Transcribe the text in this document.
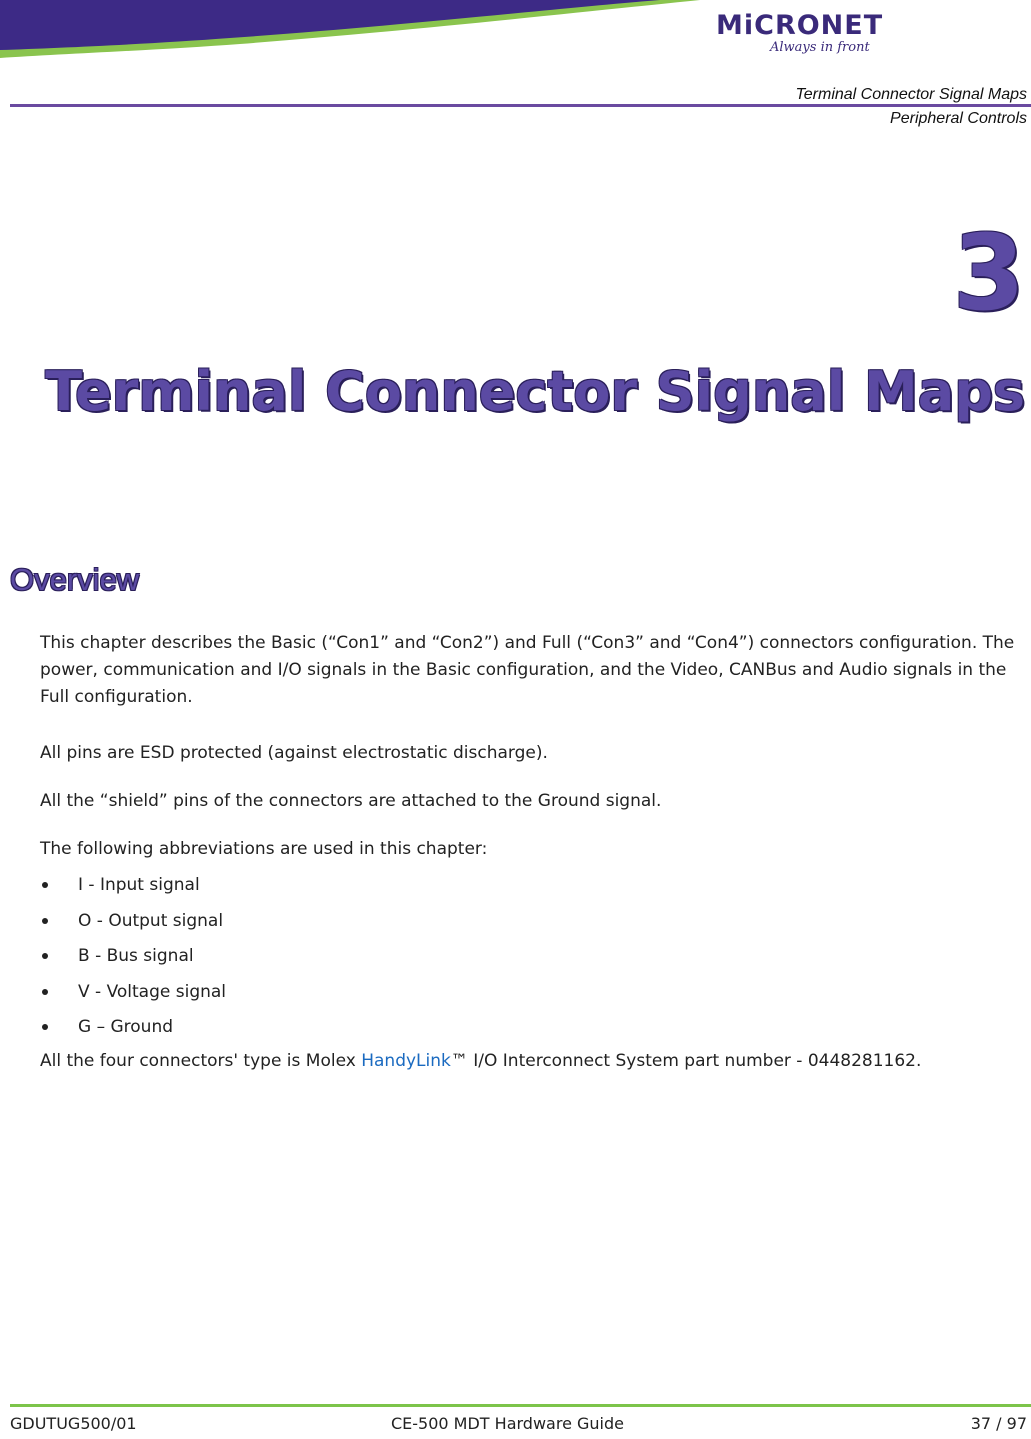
MiCRONET
Always in front
Terminal Connector Signal Maps
Peripheral Controls
3
Terminal Connector Signal Maps
Overview
This chapter describes the Basic (“Con1” and “Con2”) and Full (“Con3” and “Con4”) connectors configuration. The power, communication and I/O signals in the Basic configuration, and the Video, CANBus and Audio signals in the Full configuration.
All pins are ESD protected (against electrostatic discharge).
All the “shield” pins of the connectors are attached to the Ground signal.
The following abbreviations are used in this chapter:
I - Input signal
O - Output signal
B - Bus signal
V - Voltage signal
G – Ground
All the four connectors' type is Molex HandyLink™ I/O Interconnect System part number - 0448281162.
GDUTUG500/01	CE-500 MDT Hardware Guide	37 / 97
